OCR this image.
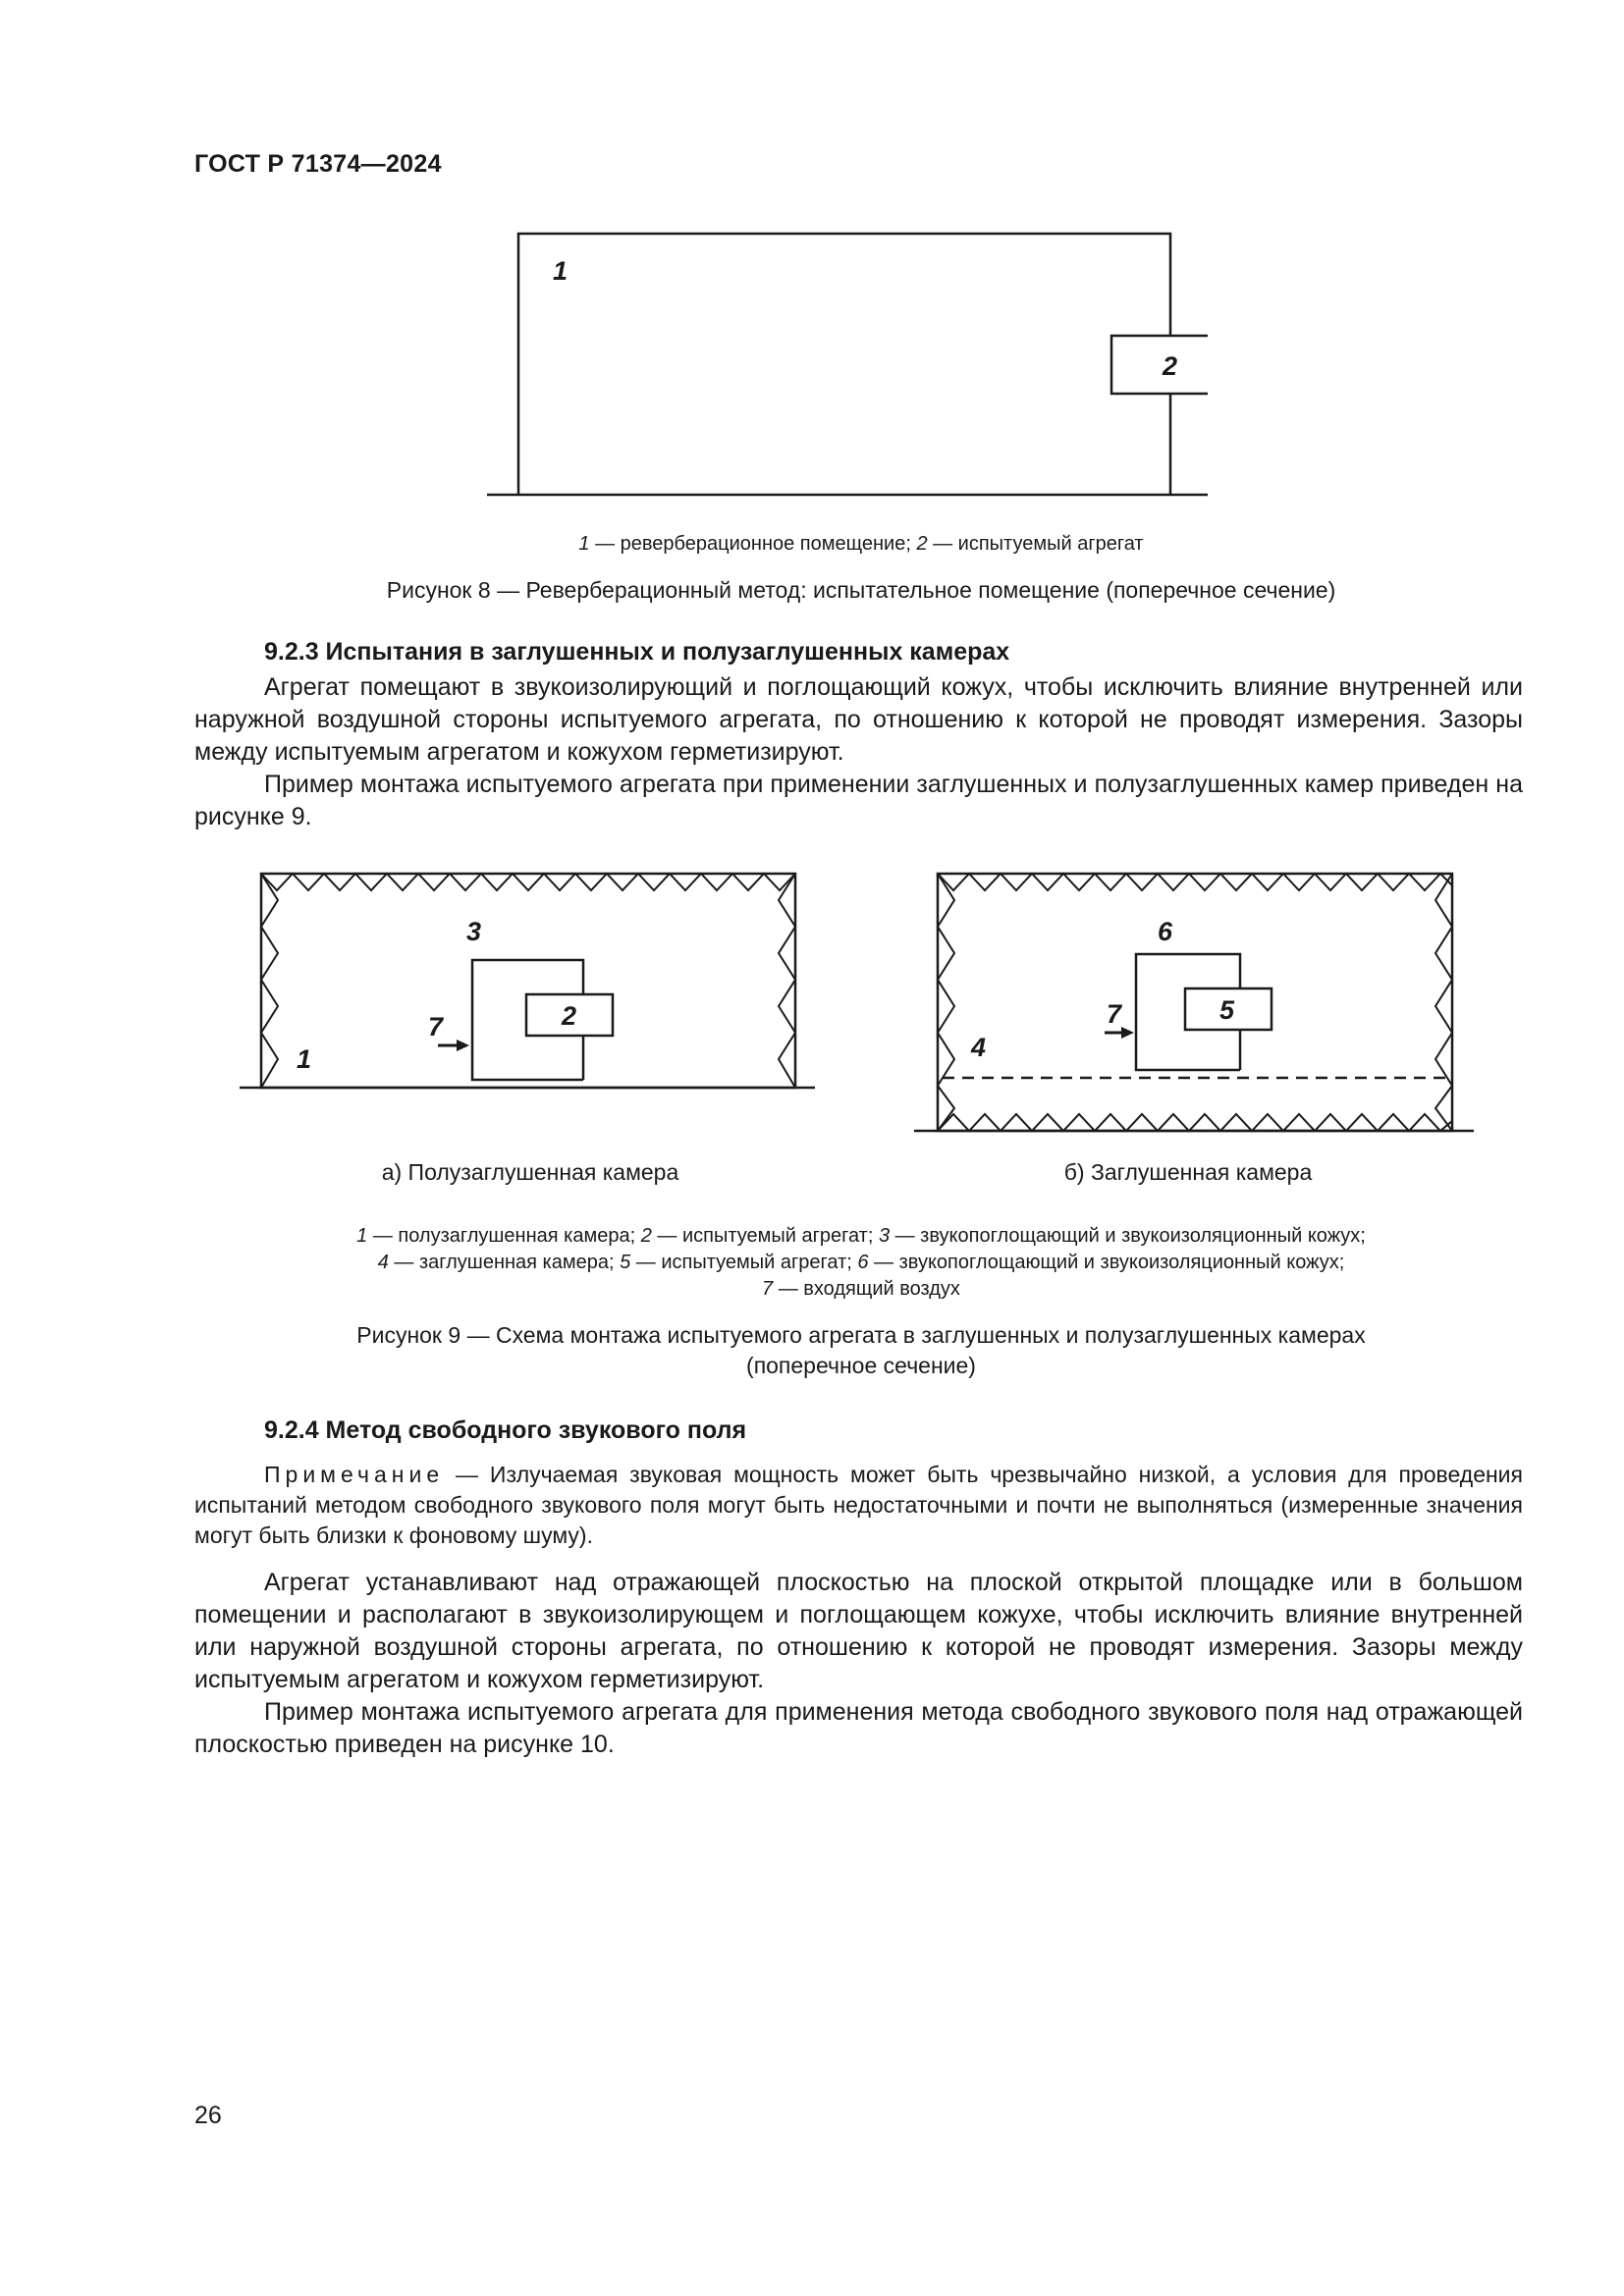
ГОСТ Р 71374—2024
1
2
1 — реверберационное помещение; 2 — испытуемый агрегат
Рисунок 8 — Реверберационный метод: испытательное помещение (поперечное сечение)
9.2.3 Испытания в заглушенных и полузаглушенных камерах
Агрегат помещают в звукоизолирующий и поглощающий кожух, чтобы исключить влияние внутренней или наружной воздушной стороны испытуемого агрегата, по отношению к которой не проводят измерения. Зазоры между испытуемым агрегатом и кожухом герметизируют.
Пример монтажа испытуемого агрегата при применении заглушенных и полузаглушенных камер приведен на рисунке 9.
3
2
7
1
6
5
7
4
а) Полузаглушенная камера	б) Заглушенная камера
1 — полузаглушенная камера; 2 — испытуемый агрегат; 3 — звукопоглощающий и звукоизоляционный кожух;
4 — заглушенная камера; 5 — испытуемый агрегат; 6 — звукопоглощающий и звукоизоляционный кожух;
7 — входящий воздух
Рисунок 9 — Схема монтажа испытуемого агрегата в заглушенных и полузаглушенных камерах
(поперечное сечение)
9.2.4 Метод свободного звукового поля
Примечание — Излучаемая звуковая мощность может быть чрезвычайно низкой, а условия для проведения испытаний методом свободного звукового поля могут быть недостаточными и почти не выполняться (измеренные значения могут быть близки к фоновому шуму).
Агрегат устанавливают над отражающей плоскостью на плоской открытой площадке или в большом помещении и располагают в звукоизолирующем и поглощающем кожухе, чтобы исключить влияние внутренней или наружной воздушной стороны агрегата, по отношению к которой не проводят измерения. Зазоры между испытуемым агрегатом и кожухом герметизируют.
Пример монтажа испытуемого агрегата для применения метода свободного звукового поля над отражающей плоскостью приведен на рисунке 10.
26
